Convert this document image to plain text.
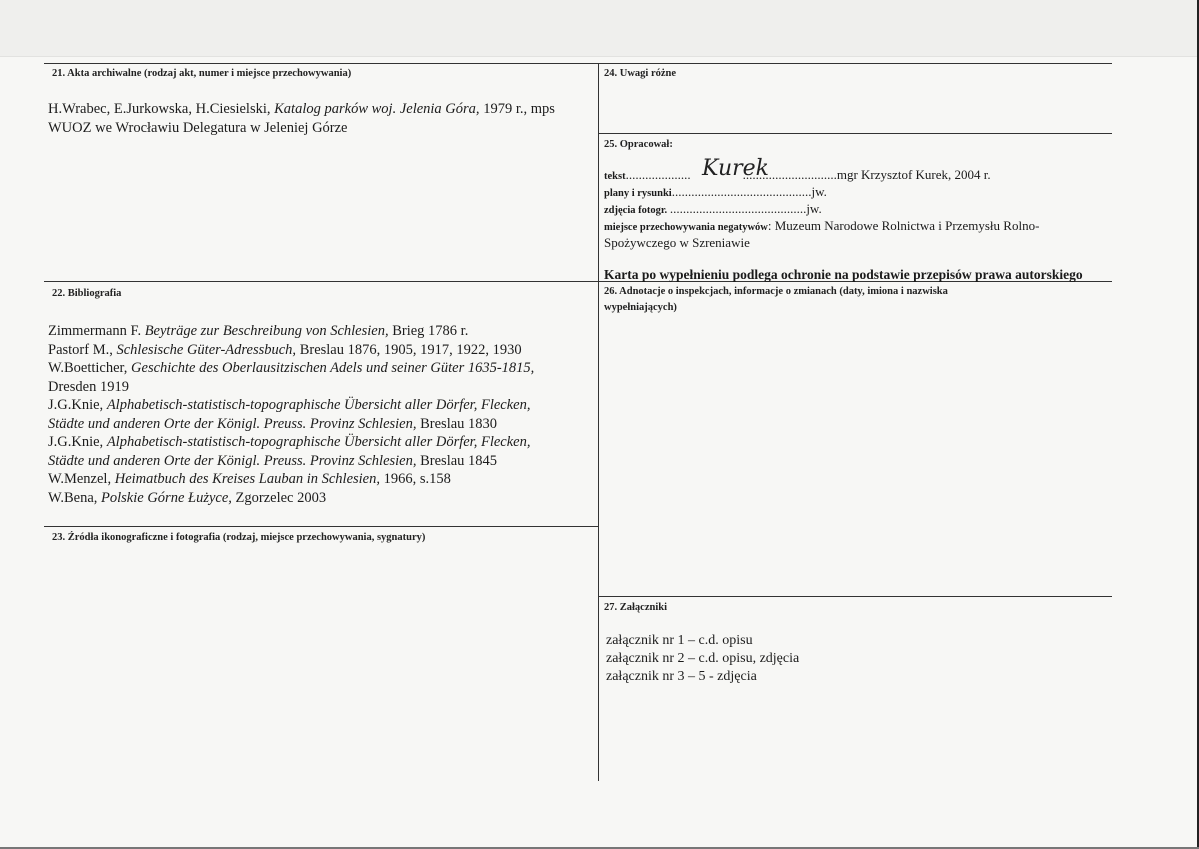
21. Akta archiwalne (rodzaj akt, numer i miejsce przechowywania)
H.Wrabec, E.Jurkowska, H.Ciesielski, Katalog parków woj. Jelenia Góra, 1979 r., mps
WUOZ we Wrocławiu Delegatura w Jeleniej Górze
22. Bibliografia
Zimmermann F. Beyträge zur Beschreibung von Schlesien, Brieg 1786 r.
Pastorf M., Schlesische Güter-Adressbuch, Breslau 1876, 1905, 1917, 1922, 1930
W.Boetticher, Geschichte des Oberlausitzischen Adels und seiner Güter 1635-1815,
Dresden 1919
J.G.Knie, Alphabetisch-statistisch-topographische Übersicht aller Dörfer, Flecken,
Städte und anderen Orte der Königl. Preuss. Provinz Schlesien, Breslau 1830
J.G.Knie, Alphabetisch-statistisch-topographische Übersicht aller Dörfer, Flecken,
Städte und anderen Orte der Königl. Preuss. Provinz Schlesien, Breslau 1845
W.Menzel, Heimatbuch des Kreises Lauban in Schlesien, 1966, s.158
W.Bena, Polskie Górne Łużyce, Zgorzelec 2003
23. Źródła ikonograficzne i fotografia (rodzaj, miejsce przechowywania, sygnatury)
24. Uwagi różne
25. Opracował:
tekst....................	.............................mgr Krzysztof Kurek, 2004 r.
Kurek
plany i rysunki...........................................jw.
zdjęcia fotogr. ..........................................jw.
miejsce przechowywania negatywów: Muzeum Narodowe Rolnictwa i Przemysłu Rolno-
Spożywczego w Szreniawie
Karta po wypełnieniu podlega ochronie na podstawie przepisów prawa autorskiego
26. Adnotacje o inspekcjach, informacje o zmianach (daty, imiona i nazwiska
wypełniających)
27. Załączniki
załącznik nr 1 – c.d. opisu
załącznik nr 2 – c.d. opisu, zdjęcia
załącznik nr 3 – 5 - zdjęcia
